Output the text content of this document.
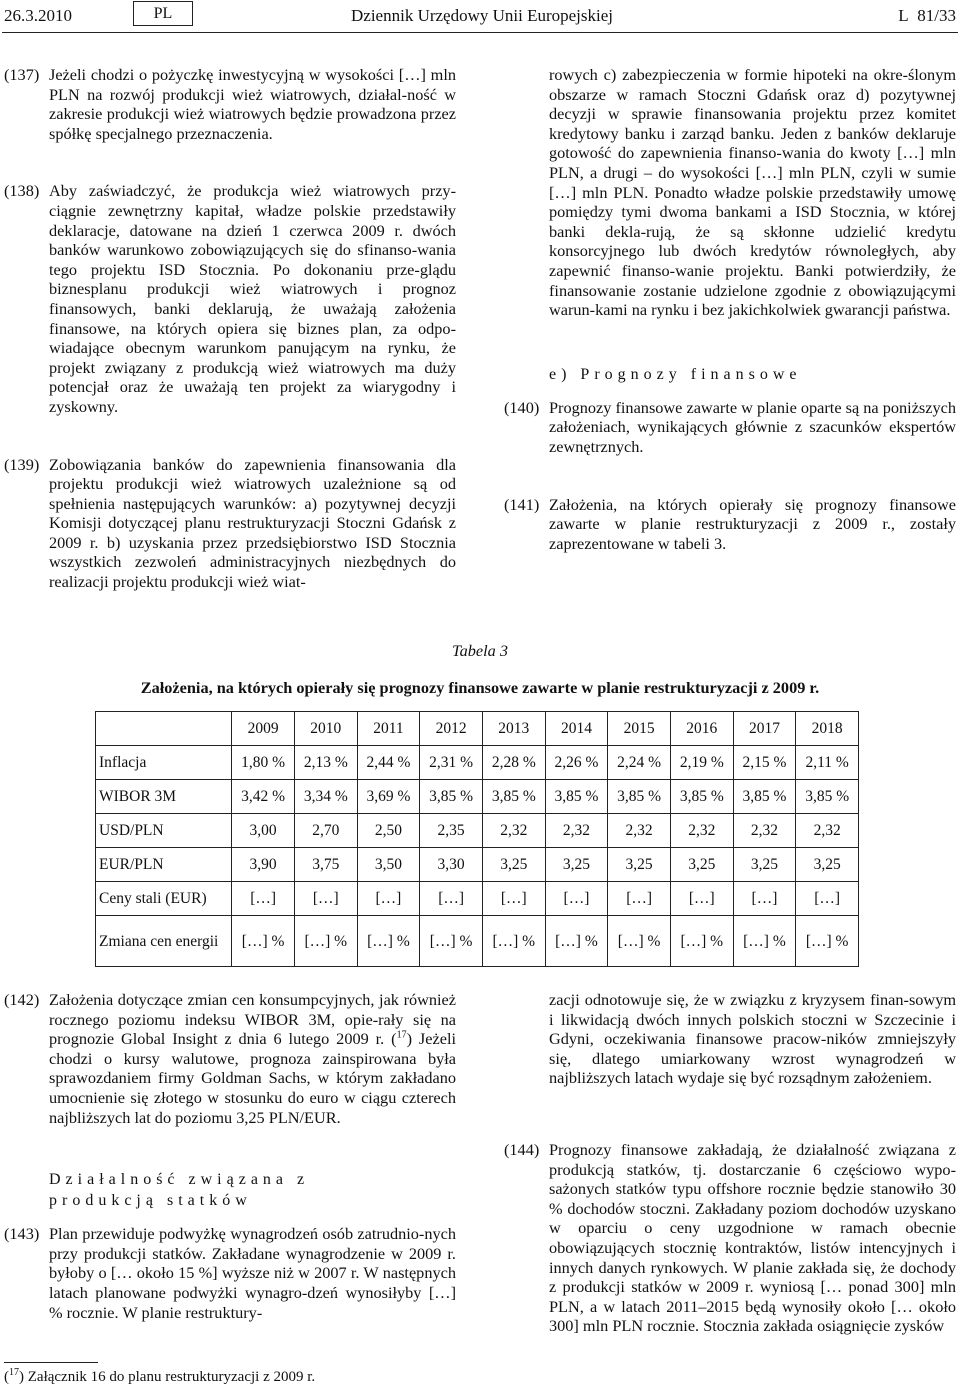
26.3.2010	PL	Dziennik Urzędowy Unii Europejskiej	L 81/33
(137) Jeżeli chodzi o pożyczkę inwestycyjną w wysokości […] mln PLN na rozwój produkcji wież wiatrowych, działal-ność w zakresie produkcji wież wiatrowych będzie prowadzona przez spółkę specjalnego przeznaczenia.
(138) Aby zaświadczyć, że produkcja wież wiatrowych przy-ciągnie zewnętrzny kapitał, władze polskie przedstawiły deklaracje, datowane na dzień 1 czerwca 2009 r. dwóch banków warunkowo zobowiązujących się do sfinanso-wania tego projektu ISD Stocznia. Po dokonaniu prze-glądu biznesplanu produkcji wież wiatrowych i prognoz finansowych, banki deklarują, że uważają założenia finansowe, na których opiera się biznes plan, za odpo-wiadające obecnym warunkom panującym na rynku, że projekt związany z produkcją wież wiatrowych ma duży potencjał oraz że uważają ten projekt za wiarygodny i zyskowny.
(139) Zobowiązania banków do zapewnienia finansowania dla projektu produkcji wież wiatrowych uzależnione są od spełnienia następujących warunków: a) pozytywnej decyzji Komisji dotyczącej planu restrukturyzacji Stoczni Gdańsk z 2009 r. b) uzyskania przez przedsiębiorstwo ISD Stocznia wszystkich zezwoleń administracyjnych niezbędnych do realizacji projektu produkcji wież wiat-
rowych c) zabezpieczenia w formie hipoteki na okre-ślonym obszarze w ramach Stoczni Gdańsk oraz d) pozytywnej decyzji w sprawie finansowania projektu przez komitet kredytowy banku i zarząd banku. Jeden z banków deklaruje gotowość do zapewnienia finanso-wania do kwoty […] mln PLN, a drugi – do wysokości […] mln PLN, czyli w sumie […] mln PLN. Ponadto władze polskie przedstawiły umowę pomiędzy tymi dwoma bankami a ISD Stocznia, w której banki dekla-rują, że są skłonne udzielić kredytu konsorcyjnego lub dwóch kredytów równoległych, aby zapewnić finanso-wanie projektu. Banki potwierdziły, że finansowanie zostanie udzielone zgodnie z obowiązującymi warun-kami na rynku i bez jakichkolwiek gwarancji państwa.
e) Prognozy finansowe
(140) Prognozy finansowe zawarte w planie oparte są na poniższych założeniach, wynikających głównie z szacunków ekspertów zewnętrznych.
(141) Założenia, na których opierały się prognozy finansowe zawarte w planie restrukturyzacji z 2009 r., zostały zaprezentowane w tabeli 3.
Tabela 3
Założenia, na których opierały się prognozy finansowe zawarte w planie restrukturyzacji z 2009 r.
	2009	2010	2011	2012	2013	2014	2015	2016	2017	2018
Inflacja	1,80 %	2,13 %	2,44 %	2,31 %	2,28 %	2,26 %	2,24 %	2,19 %	2,15 %	2,11 %
WIBOR 3M	3,42 %	3,34 %	3,69 %	3,85 %	3,85 %	3,85 %	3,85 %	3,85 %	3,85 %	3,85 %
USD/PLN	3,00	2,70	2,50	2,35	2,32	2,32	2,32	2,32	2,32	2,32
EUR/PLN	3,90	3,75	3,50	3,30	3,25	3,25	3,25	3,25	3,25	3,25
Ceny stali (EUR)	[…]	[…]	[…]	[…]	[…]	[…]	[…]	[…]	[…]	[…]
Zmiana cen energii	[…] %	[…] %	[…] %	[…] %	[…] %	[…] %	[…] %	[…] %	[…] %	[…] %
(142) Założenia dotyczące zmian cen konsumpcyjnych, jak również rocznego poziomu indeksu WIBOR 3M, opie-rały się na prognozie Global Insight z dnia 6 lutego 2009 r. ($^{17}$) Jeżeli chodzi o kursy walutowe, prognoza zainspirowana była sprawozdaniem firmy Goldman Sachs, w którym zakładano umocnienie się złotego w stosunku do euro w ciągu czterech najbliższych lat do poziomu 3,25 PLN/EUR.
Działalność związana z produkcją statków
(143) Plan przewiduje podwyżkę wynagrodzeń osób zatrudnio-nych przy produkcji statków. Zakładane wynagrodzenie w 2009 r. byłoby o [… około 15 %] wyższe niż w 2007 r. W następnych latach planowane podwyżki wynagro-dzeń wynosiłyby […] % rocznie. W planie restruktury-
zacji odnotowuje się, że w związku z kryzysem finan-sowym i likwidacją dwóch innych polskich stoczni w Szczecinie i Gdyni, oczekiwania finansowe pracow-ników zmniejszyły się, dlatego umiarkowany wzrost wynagrodzeń w najbliższych latach wydaje się być rozsądnym założeniem.
(144) Prognozy finansowe zakładają, że działalność związana z produkcją statków, tj. dostarczanie 6 częściowo wypo-sażonych statków typu offshore rocznie będzie stanowiło 30 % dochodów stoczni. Zakładany poziom dochodów uzyskano w oparciu o ceny uzgodnione w ramach obecnie obowiązujących stocznię kontraktów, listów intencyjnych i innych danych rynkowych. W planie zakłada się, że dochody z produkcji statków w 2009 r. wyniosą [… ponad 300] mln PLN, a w latach 2011–2015 będą wynosiły około [… około 300] mln PLN rocznie. Stocznia zakłada osiągnięcie zysków
($^{17}$) Załącznik 16 do planu restrukturyzacji z 2009 r.
